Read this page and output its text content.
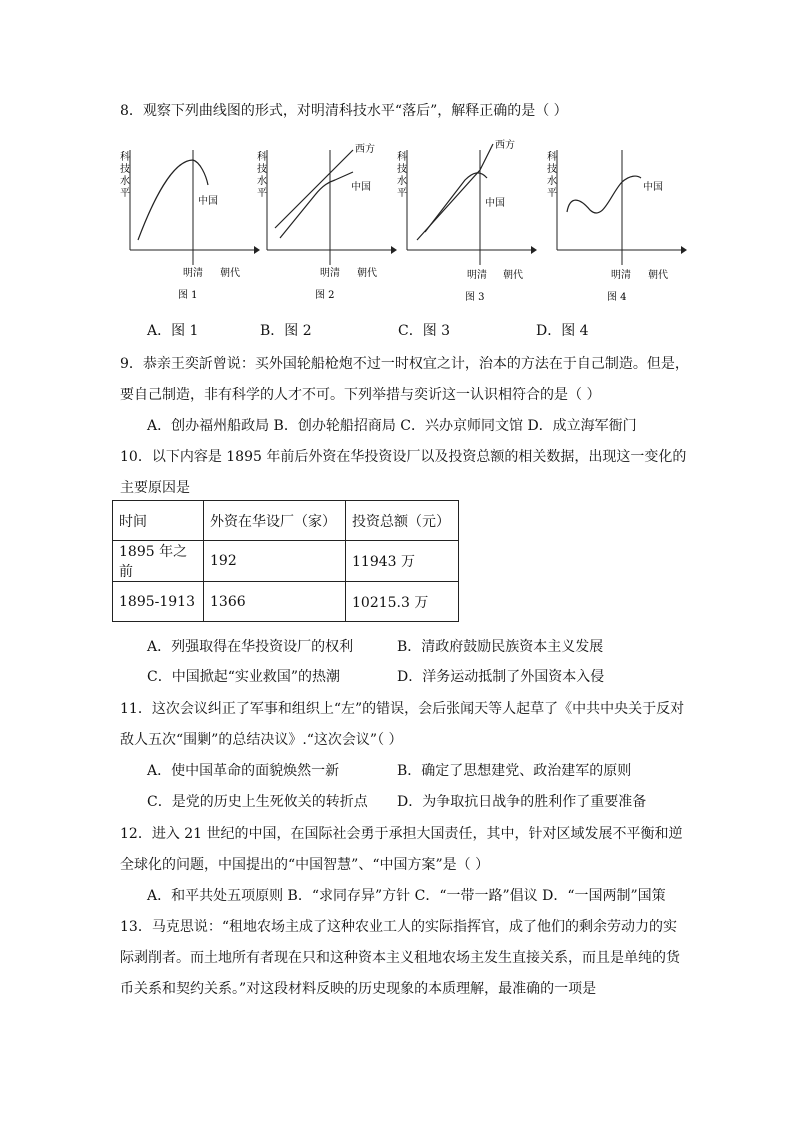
8．观察下列曲线图的形式，对明清科技水平“落后”，解释正确的是（ ）
科
技
水
平
中国
明清 朝代
图 1
科
技
水
平
西方
中国
明清 朝代
图 2
科
技
水
平
西方
中国
明清 朝代
图 3
科
技
水
平
中国
明清 朝代
图 4
A．图 1	B．图 2	C．图 3	D．图 4
9．恭亲王奕訢曾说：买外国轮船枪炮不过一时权宜之计，治本的方法在于自己制造。但是，
要自己制造，非有科学的人才不可。下列举措与奕䜣这一认识相符合的是（ ）
A．创办福州船政局 B．创办轮船招商局 C．兴办京师同文馆 D．成立海军衙门
10．以下内容是 1895 年前后外资在华投资设厂以及投资总额的相关数据，出现这一变化的
主要原因是
时间	外资在华设厂（家）	投资总额（元）
1895 年之前	192	11943 万
1895-1913	1366	10215.3 万
A．列强取得在华投资设厂的权利	B．清政府鼓励民族资本主义发展
C．中国掀起“实业救国”的热潮	D．洋务运动抵制了外国资本入侵
11．这次会议纠正了军事和组织上“左”的错误，会后张闻天等人起草了《中共中央关于反对
敌人五次“围剿”的总结决议》.“这次会议”（ ）
A．使中国革命的面貌焕然一新	B．确定了思想建党、政治建军的原则
C．是党的历史上生死攸关的转折点 D．为争取抗日战争的胜利作了重要准备
12．进入 21 世纪的中国，在国际社会勇于承担大国责任，其中，针对区域发展不平衡和逆
全球化的问题，中国提出的“中国智慧”、“中国方案”是（ ）
A．和平共处五项原则 B．“求同存异”方针 C．“一带一路”倡议 D．“一国两制”国策
13．马克思说：“租地农场主成了这种农业工人的实际指挥官，成了他们的剩余劳动力的实
际剥削者。而土地所有者现在只和这种资本主义租地农场主发生直接关系，而且是单纯的货
币关系和契约关系。”对这段材料反映的历史现象的本质理解，最准确的一项是
